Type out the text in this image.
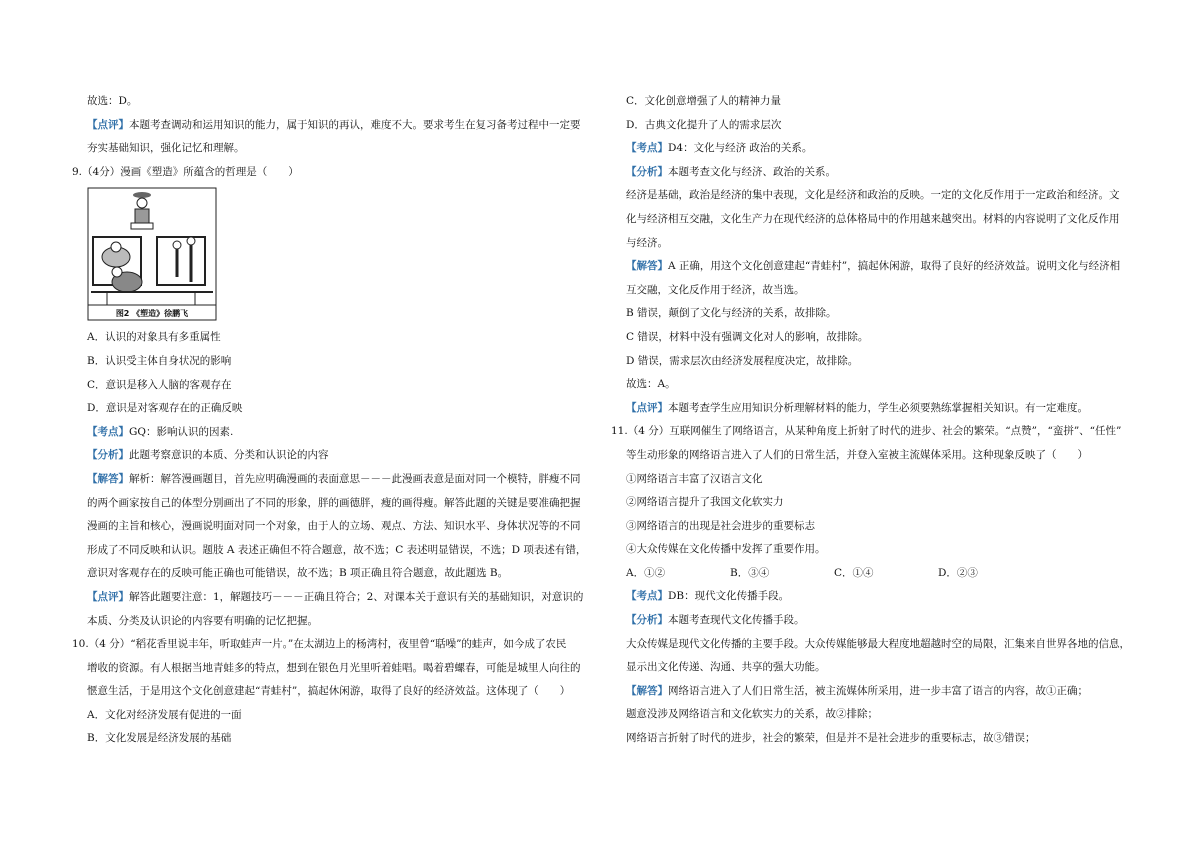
故选：D。
【点评】本题考查调动和运用知识的能力，属于知识的再认，难度不大。要求考生在复习备考过程中一定要
夯实基础知识，强化记忆和理解。
9.（4分）漫画《塑造》所蕴含的哲理是（　　）
图2 《塑造》徐鹏飞
A．认识的对象具有多重属性
B．认识受主体自身状况的影响
C．意识是移入人脑的客观存在
D．意识是对客观存在的正确反映
【考点】GQ：影响认识的因素.
【分析】此题考察意识的本质、分类和认识论的内容
【解答】解析：解答漫画题目，首先应明确漫画的表面意思－－－此漫画表意是面对同一个模特，胖瘦不同
的两个画家按自己的体型分别画出了不同的形象，胖的画德胖，瘦的画得瘦。解答此题的关键是要准确把握
漫画的主旨和核心，漫画说明面对同一个对象，由于人的立场、观点、方法、知识水平、身体状况等的不同
形成了不同反映和认识。题肢 A 表述正确但不符合题意，故不选；C 表述明显错误，不选；D 项表述有错，
意识对客观存在的反映可能正确也可能错误，故不选；B 项正确且符合题意，故此题选 B。
【点评】解答此题要注意：1，解题技巧－－－正确且符合；2、对课本关于意识有关的基础知识，对意识的
本质、分类及认识论的内容要有明确的记忆把握。
10.（4 分）“稻花香里说丰年，听取蛙声一片。”在太湖边上的杨湾村，夜里曾“聒噪”的蛙声，如今成了农民
增收的资源。有人根据当地青蛙多的特点，想到在银色月光里听着蛙唱。喝着碧螺春，可能是城里人向往的
惬意生活，于是用这个文化创意建起“青蛙村”，搞起休闲游，取得了良好的经济效益。这体现了（　　）
A．文化对经济发展有促进的一面
B．文化发展是经济发展的基础
C．文化创意增强了人的精神力量
D．古典文化提升了人的需求层次
【考点】D4：文化与经济 政治的关系。
【分析】本题考查文化与经济、政治的关系。
经济是基础，政治是经济的集中表现，文化是经济和政治的反映。一定的文化反作用于一定政治和经济。文
化与经济相互交融，文化生产力在现代经济的总体格局中的作用越来越突出。材料的内容说明了文化反作用
与经济。
【解答】A 正确，用这个文化创意建起“青蛙村”，搞起休闲游，取得了良好的经济效益。说明文化与经济相
互交融，文化反作用于经济，故当选。
B 错误，颠倒了文化与经济的关系，故排除。
C 错误，材料中没有强调文化对人的影响，故排除。
D 错误，需求层次由经济发展程度决定，故排除。
故选：A。
【点评】本题考查学生应用知识分析理解材料的能力，学生必须要熟练掌握相关知识。有一定难度。
11.（4 分）互联网催生了网络语言，从某种角度上折射了时代的进步、社会的繁荣。“点赞”，“蛮拼”、“任性”
等生动形象的网络语言进入了人们的日常生活，并登入室被主流媒体采用。这种现象反映了（　　）
①网络语言丰富了汉语言文化
②网络语言提升了我国文化软实力
③网络语言的出现是社会进步的重要标志
④大众传媒在文化传播中发挥了重要作用。
A．①②	B．③④	C．①④	D．②③
【考点】DB：现代文化传播手段。
【分析】本题考查现代文化传播手段。
大众传媒是现代文化传播的主要手段。大众传媒能够最大程度地超越时空的局限，汇集来自世界各地的信息，
显示出文化传递、沟通、共享的强大功能。
【解答】网络语言进入了人们日常生活，被主流媒体所采用，进一步丰富了语言的内容，故①正确；
题意没涉及网络语言和文化软实力的关系，故②排除；
网络语言折射了时代的进步，社会的繁荣，但是并不是社会进步的重要标志，故③错误；
